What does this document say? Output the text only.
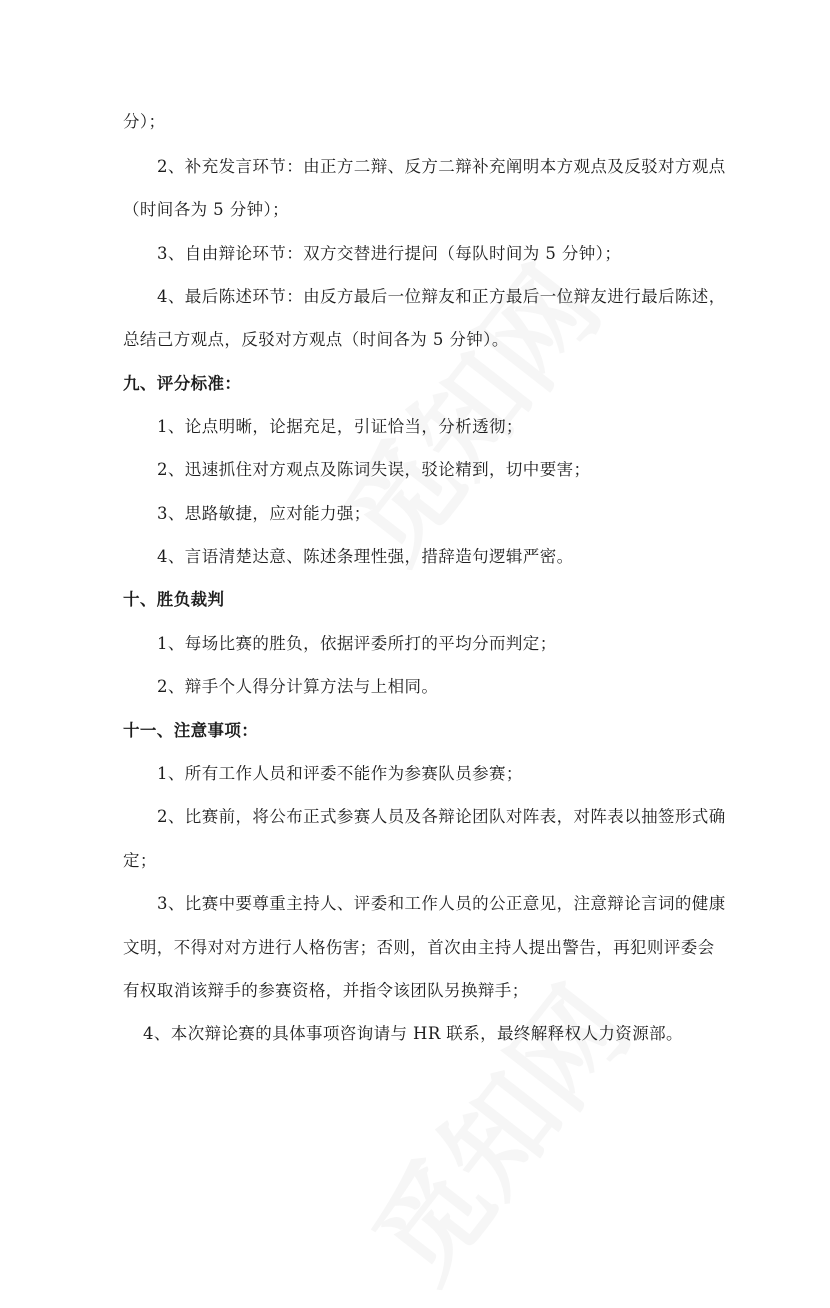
分）；
2、补充发言环节：由正方二辩、反方二辩补充阐明本方观点及反驳对方观点
（时间各为 5 分钟）；
3、自由辩论环节：双方交替进行提问（每队时间为 5 分钟）；
4、最后陈述环节：由反方最后一位辩友和正方最后一位辩友进行最后陈述，
总结己方观点，反驳对方观点（时间各为 5 分钟）。
九、评分标准：
1、论点明晰，论据充足，引证恰当，分析透彻；
2、迅速抓住对方观点及陈词失误，驳论精到，切中要害；
3、思路敏捷，应对能力强；
4、言语清楚达意、陈述条理性强，措辞造句逻辑严密。
十、胜负裁判
1、每场比赛的胜负，依据评委所打的平均分而判定；
2、辩手个人得分计算方法与上相同。
十一、注意事项：
1、所有工作人员和评委不能作为参赛队员参赛；
2、比赛前，将公布正式参赛人员及各辩论团队对阵表，对阵表以抽签形式确
定；
3、比赛中要尊重主持人、评委和工作人员的公正意见，注意辩论言词的健康
文明，不得对对方进行人格伤害；否则，首次由主持人提出警告，再犯则评委会
有权取消该辩手的参赛资格，并指令该团队另换辩手；
4、本次辩论赛的具体事项咨询请与 HR 联系，最终解释权人力资源部。
